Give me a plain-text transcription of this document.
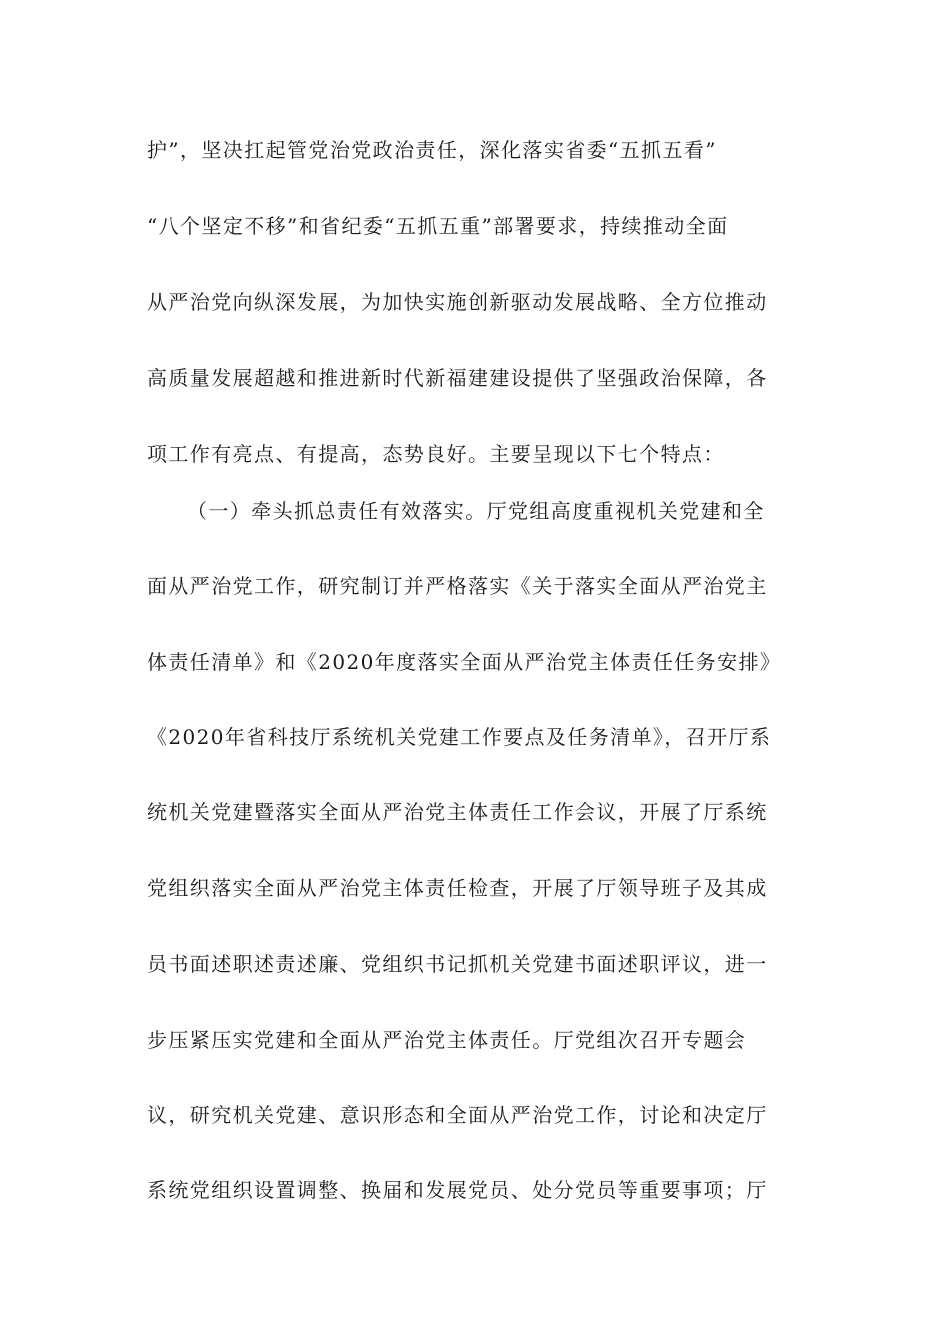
护”，坚决扛起管党治党政治责任，深化落实省委“五抓五看”
“八个坚定不移”和省纪委“五抓五重”部署要求，持续推动全面
从严治党向纵深发展，为加快实施创新驱动发展战略、全方位推动
高质量发展超越和推进新时代新福建建设提供了坚强政治保障，各
项工作有亮点、有提高，态势良好。主要呈现以下七个特点：
（一）牵头抓总责任有效落实。厅党组高度重视机关党建和全
面从严治党工作，研究制订并严格落实《关于落实全面从严治党主
体责任清单》和《2020年度落实全面从严治党主体责任任务安排》
《2020年省科技厅系统机关党建工作要点及任务清单》，召开厅系
统机关党建暨落实全面从严治党主体责任工作会议，开展了厅系统
党组织落实全面从严治党主体责任检查，开展了厅领导班子及其成
员书面述职述责述廉、党组织书记抓机关党建书面述职评议，进一
步压紧压实党建和全面从严治党主体责任。厅党组次召开专题会
议，研究机关党建、意识形态和全面从严治党工作，讨论和决定厅
系统党组织设置调整、换届和发展党员、处分党员等重要事项；厅
